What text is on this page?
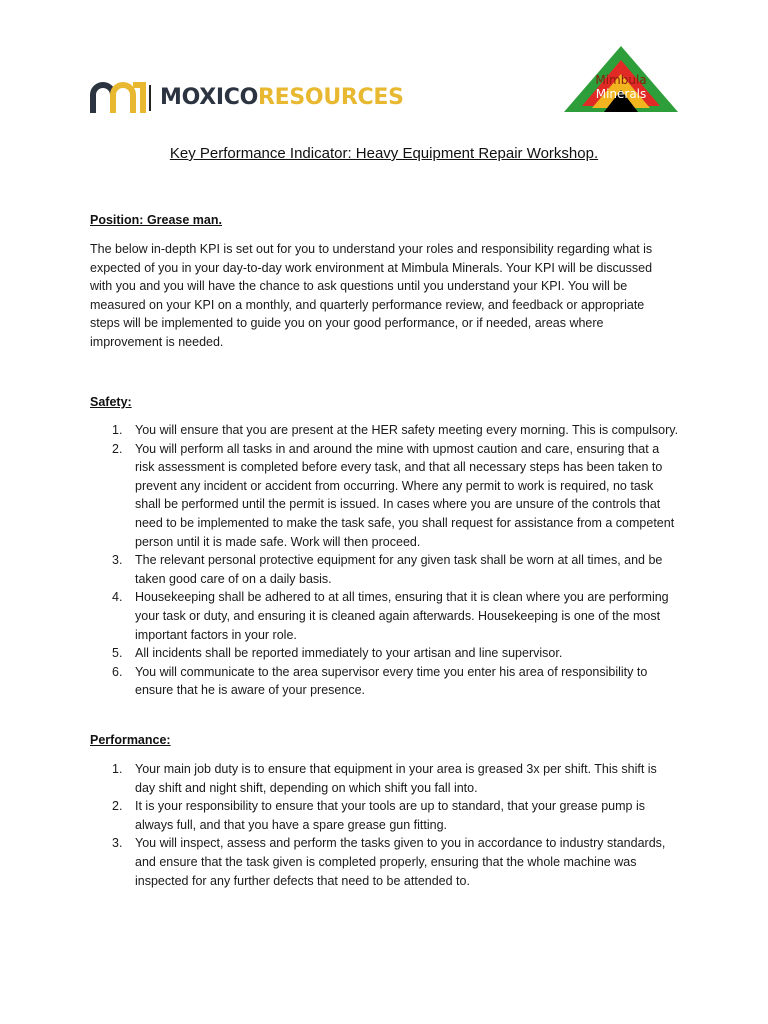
MOXICORESOURCES
Mimbula
Minerals
Key Performance Indicator: Heavy Equipment Repair Workshop.
Position: Grease man.

The below in-depth KPI is set out for you to understand your roles and responsibility regarding what is expected of you in your day-to-day work environment at Mimbula Minerals. Your KPI will be discussed with you and you will have the chance to ask questions until you understand your KPI. You will be measured on your KPI on a monthly, and quarterly performance review, and feedback or appropriate steps will be implemented to guide you on your good performance, or if needed, areas where improvement is needed.

Safety:
1. You will ensure that you are present at the HER safety meeting every morning. This is compulsory.
2. You will perform all tasks in and around the mine with upmost caution and care, ensuring that a risk assessment is completed before every task, and that all necessary steps has been taken to prevent any incident or accident from occurring. Where any permit to work is required, no task shall be performed until the permit is issued. In cases where you are unsure of the controls that need to be implemented to make the task safe, you shall request for assistance from a competent person until it is made safe. Work will then proceed.
3. The relevant personal protective equipment for any given task shall be worn at all times, and be taken good care of on a daily basis.
4. Housekeeping shall be adhered to at all times, ensuring that it is clean where you are performing your task or duty, and ensuring it is cleaned again afterwards. Housekeeping is one of the most important factors in your role.
5. All incidents shall be reported immediately to your artisan and line supervisor.
6. You will communicate to the area supervisor every time you enter his area of responsibility to ensure that he is aware of your presence.
Performance:
1. Your main job duty is to ensure that equipment in your area is greased 3x per shift. This shift is day shift and night shift, depending on which shift you fall into.
2. It is your responsibility to ensure that your tools are up to standard, that your grease pump is always full, and that you have a spare grease gun fitting.
3. You will inspect, assess and perform the tasks given to you in accordance to industry standards, and ensure that the task given is completed properly, ensuring that the whole machine was inspected for any further defects that need to be attended to.
